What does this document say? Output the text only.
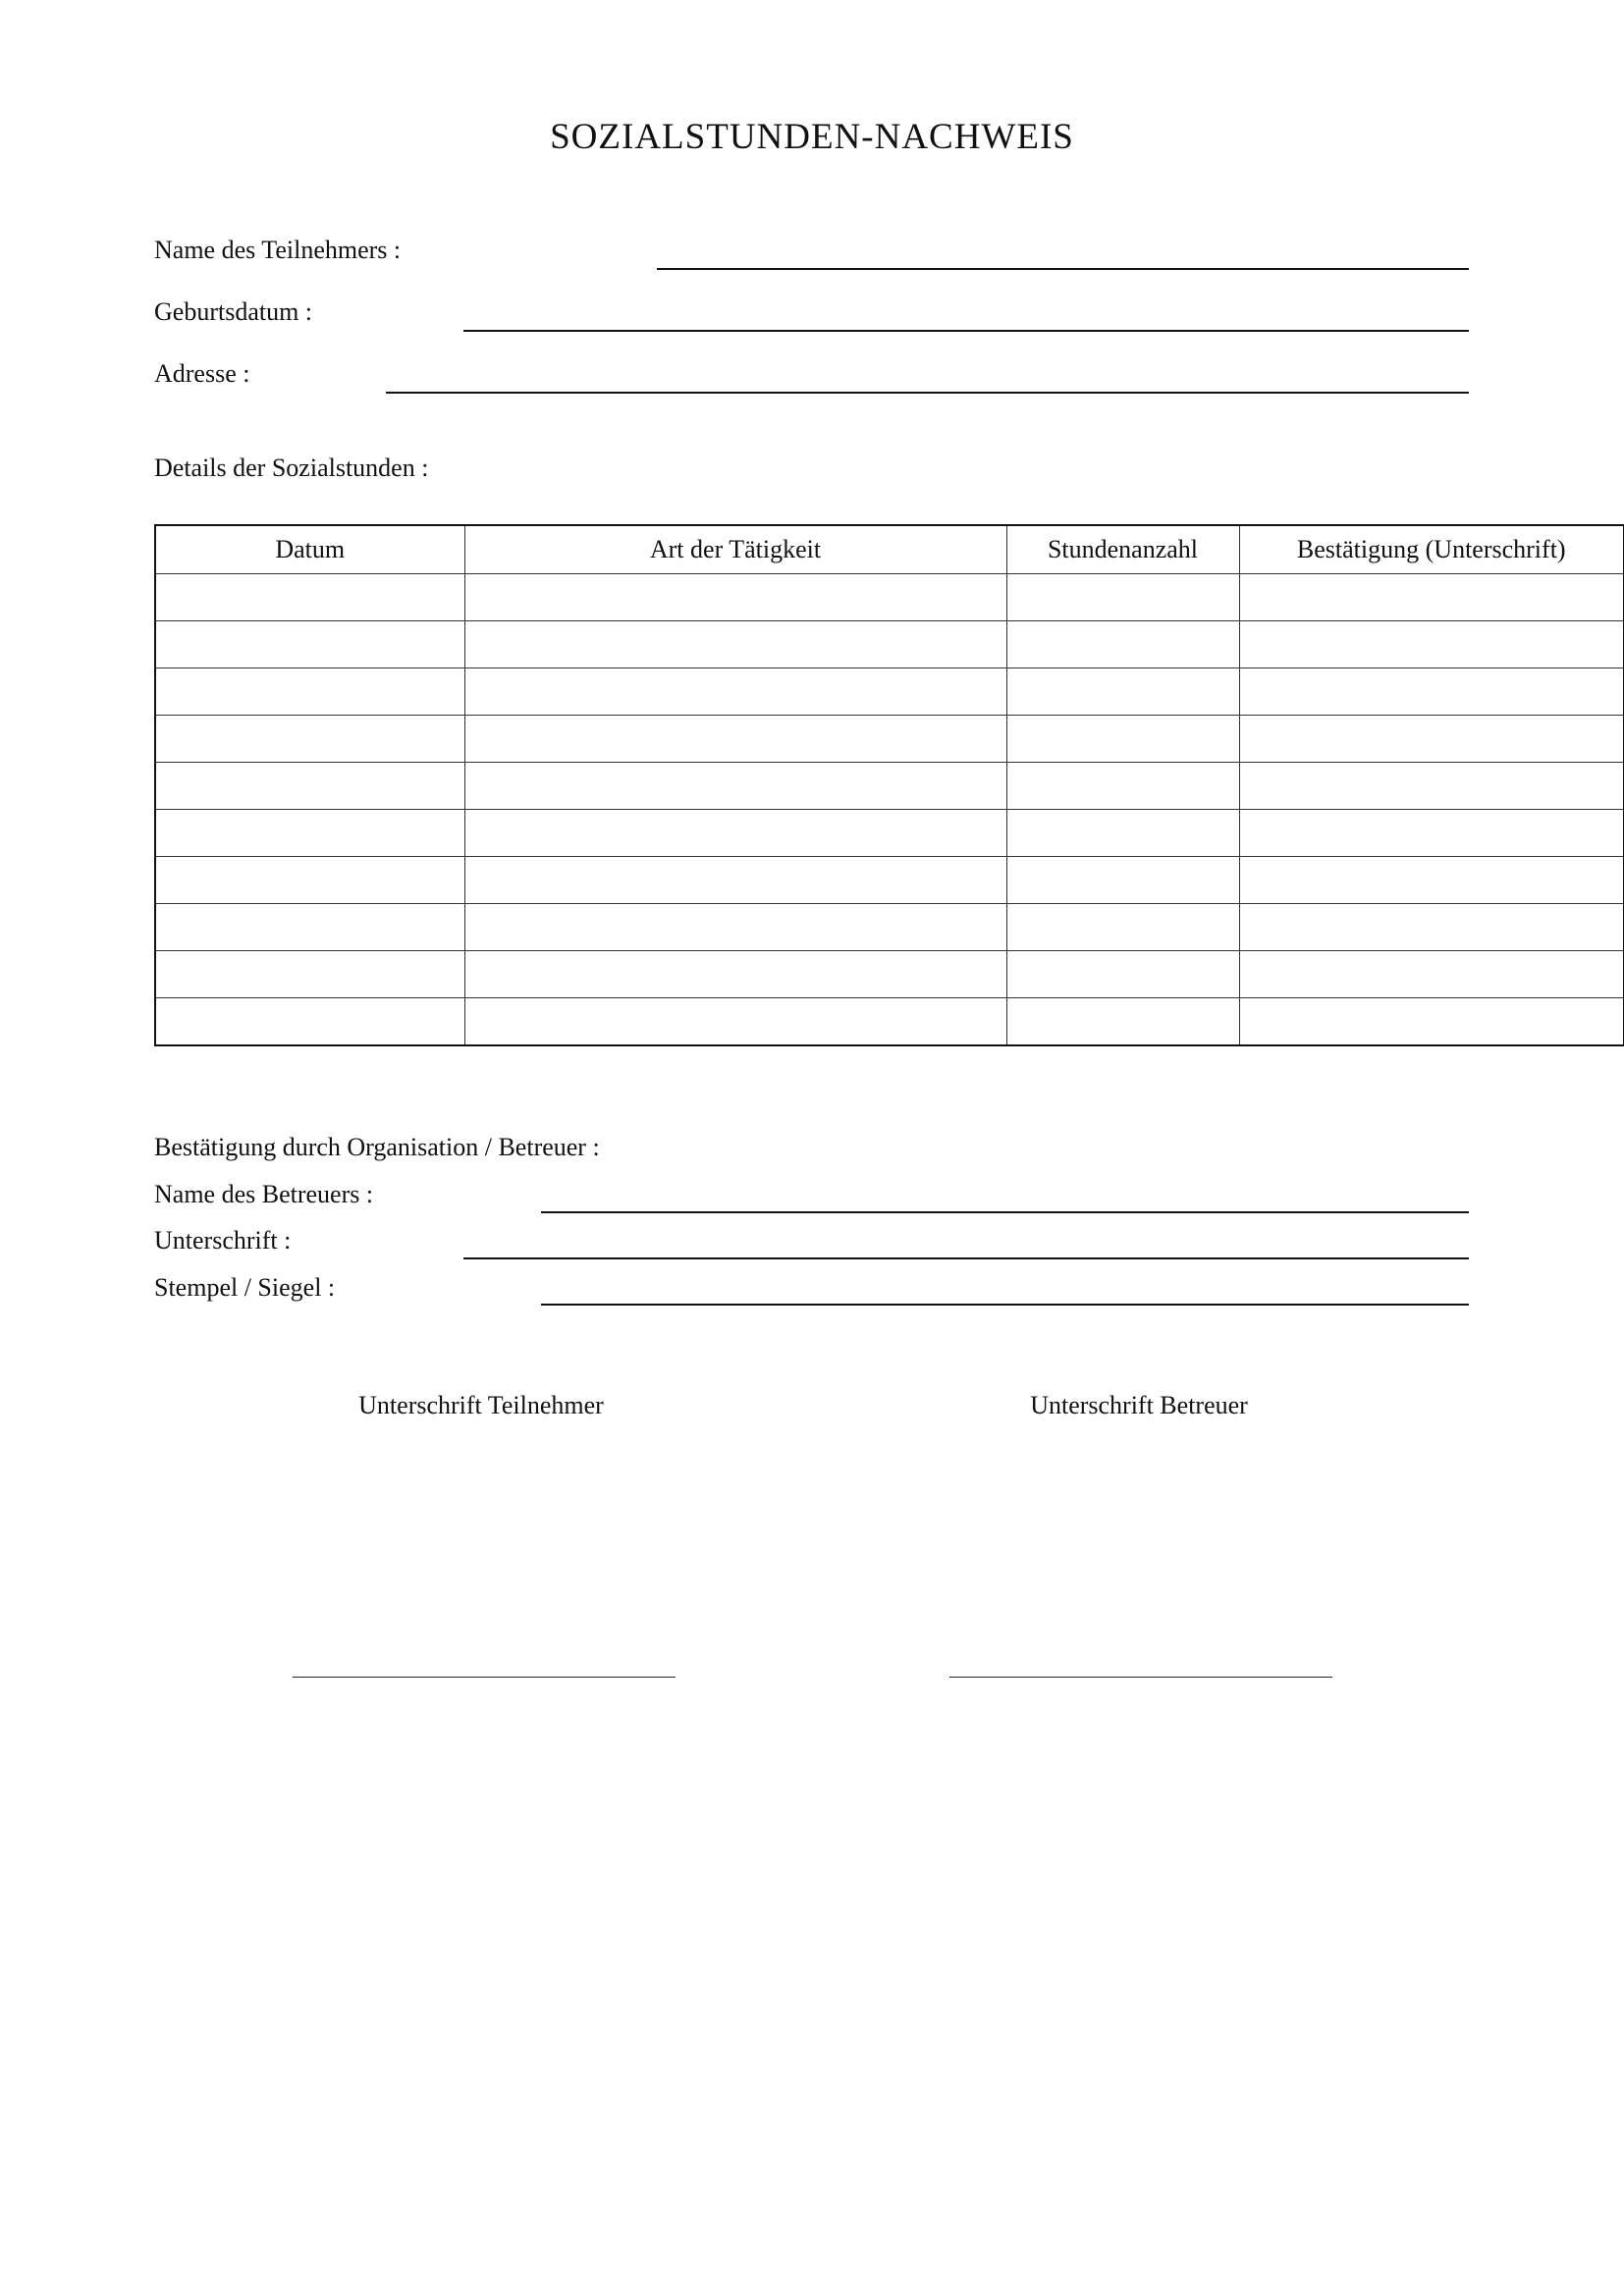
SOZIALSTUNDEN-NACHWEIS
Name des Teilnehmers :
Geburtsdatum :
Adresse :
Details der Sozialstunden :
Datum	Art der Tätigkeit	Stundenanzahl	Bestätigung (Unterschrift)

Bestätigung durch Organisation / Betreuer :
Name des Betreuers :
Unterschrift :
Stempel / Siegel :
Unterschrift Teilnehmer	Unterschrift Betreuer
